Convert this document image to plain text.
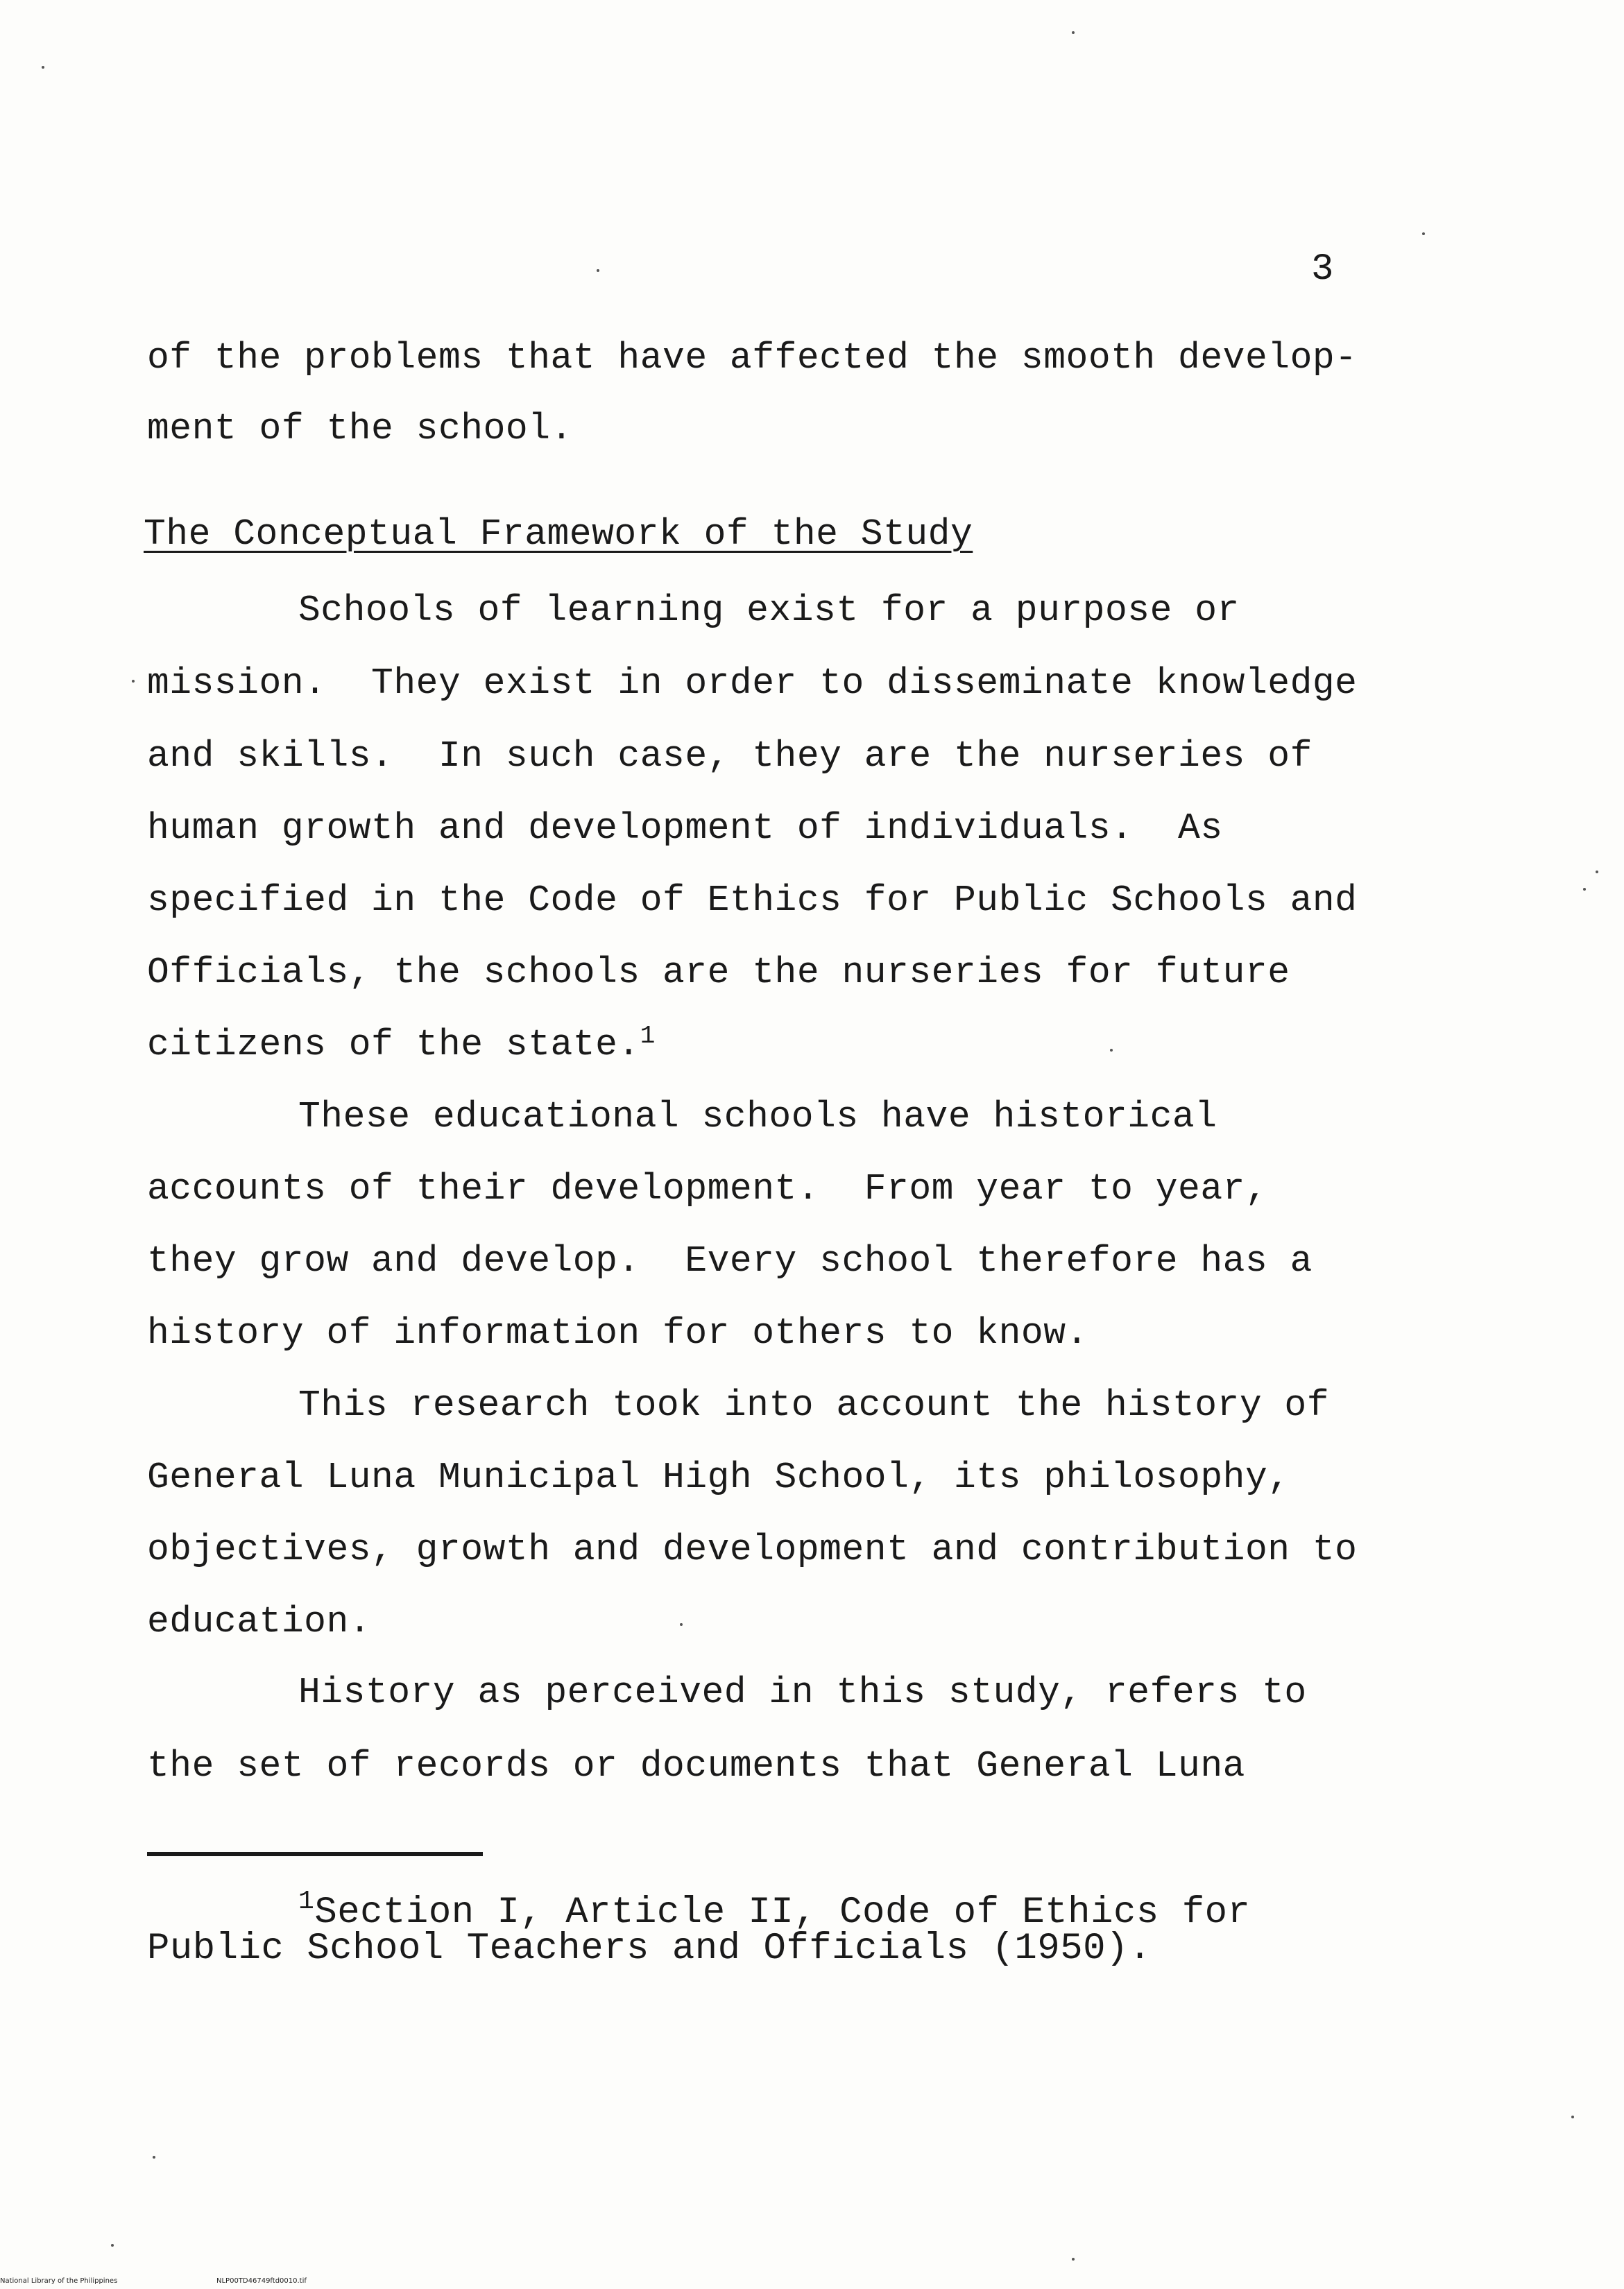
3

of the problems that have affected the smooth develop-

ment of the school.

The Conceptual Framework of the Study

Schools of learning exist for a purpose or

mission.  They exist in order to disseminate knowledge

and skills.  In such case, they are the nurseries of

human growth and development of individuals.  As

specified in the Code of Ethics for Public Schools and

Officials, the schools are the nurseries for future

citizens of the state.$^1$

These educational schools have historical

accounts of their development.  From year to year,

they grow and develop.  Every school therefore has a

history of information for others to know.

This research took into account the history of

General Luna Municipal High School, its philosophy,

objectives, growth and development and contribution to

education.

History as perceived in this study, refers to

the set of records or documents that General Luna

$^1$Section I, Article II, Code of Ethics for
Public School Teachers and Officials (1950).
National Library of the Philippines	NLP00TD46749ftd0010.tif
